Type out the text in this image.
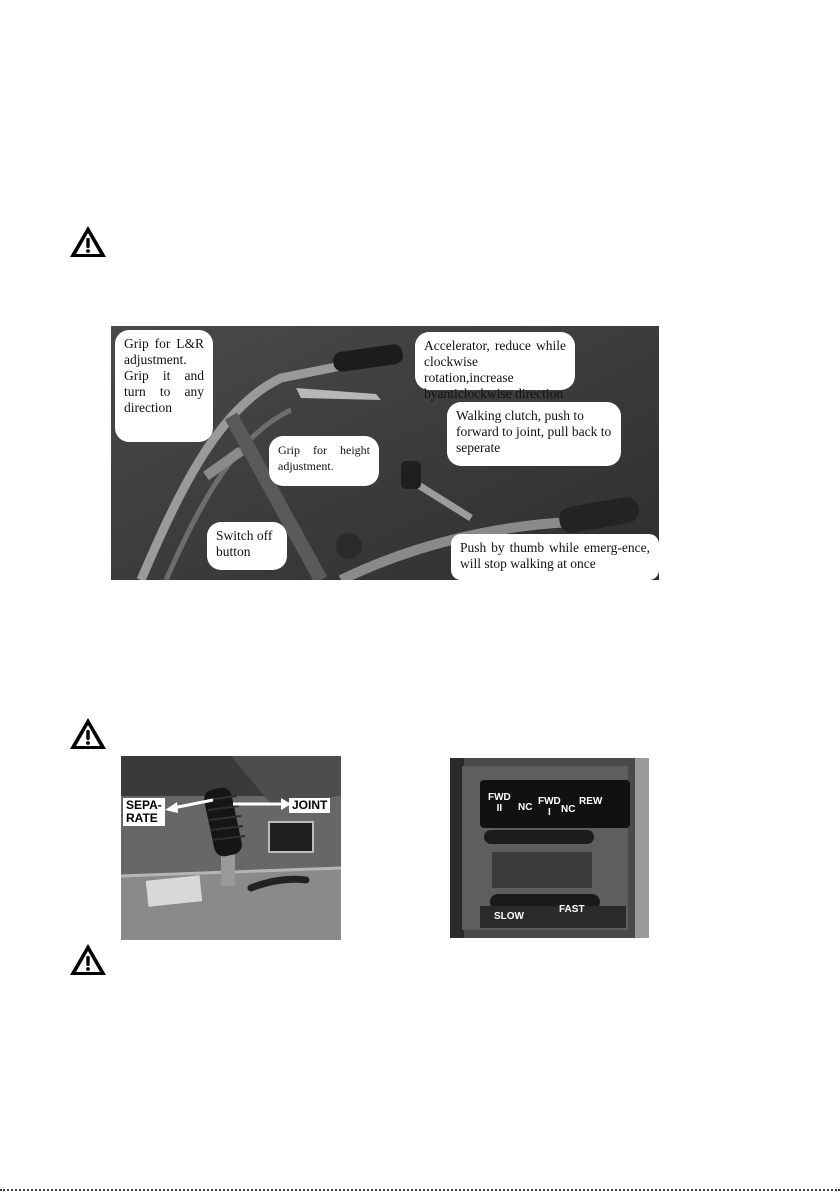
Grip for L&R adjustment. Grip it and turn to any direction
Accelerator, reduce while clockwise rotation,increase byanticlockwise direction
Walking clutch, push to forward to joint, pull back to seperate
Grip for height adjustment.
Switch off button	Push by thumb while emerg-ence, will stop walking at once
SEPA-
RATE
JOINT
FWD
II	NC
FWD
I	NC
REW
SLOW
FAST
